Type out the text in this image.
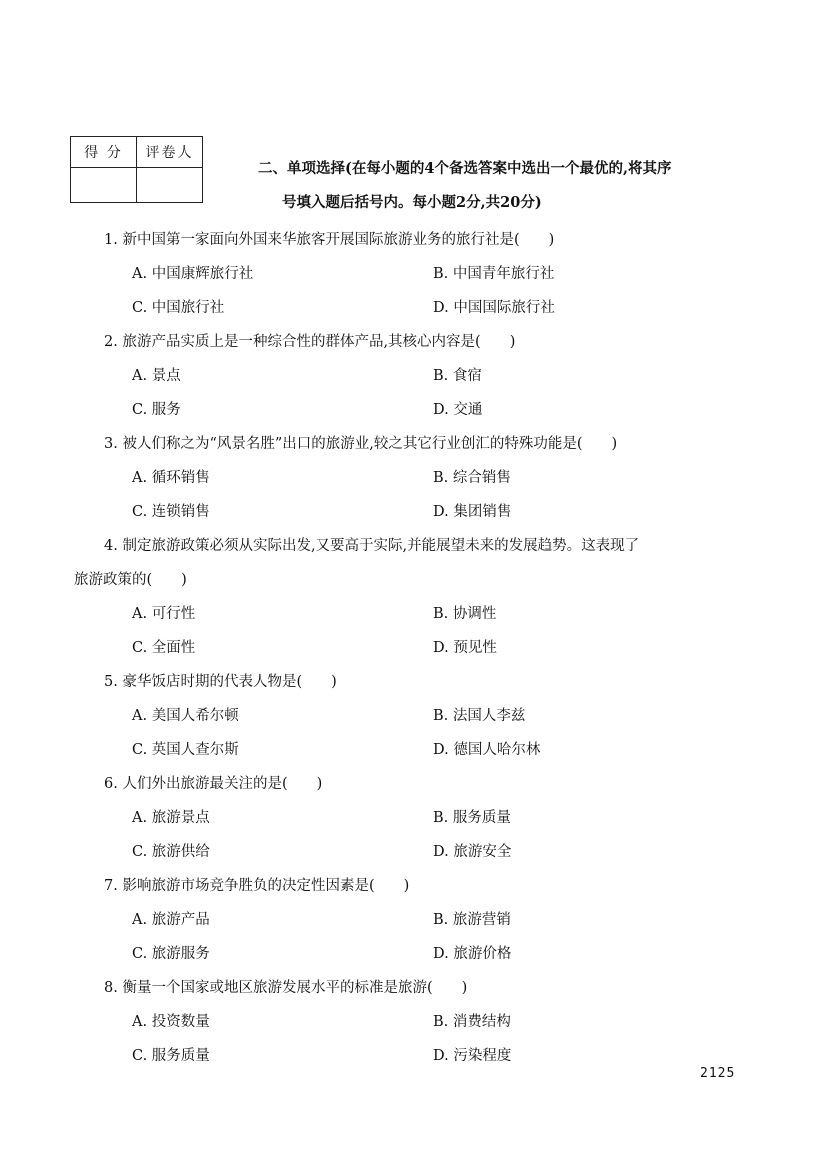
得 分	评卷人

二、单项选择(在每小题的4个备选答案中选出一个最优的,将其序
号填入题后括号内。每小题2分,共20分)
1. 新中国第一家面向外国来华旅客开展国际旅游业务的旅行社是(　　)
A. 中国康辉旅行社	B. 中国青年旅行社
C. 中国旅行社	D. 中国国际旅行社
2. 旅游产品实质上是一种综合性的群体产品,其核心内容是(　　)
A. 景点	B. 食宿
C. 服务	D. 交通
3. 被人们称之为“风景名胜”出口的旅游业,较之其它行业创汇的特殊功能是(　　)
A. 循环销售	B. 综合销售
C. 连锁销售	D. 集团销售
4. 制定旅游政策必须从实际出发,又要高于实际,并能展望未来的发展趋势。这表现了
旅游政策的(　　)
A. 可行性	B. 协调性
C. 全面性	D. 预见性
5. 豪华饭店时期的代表人物是(　　)
A. 美国人希尔顿	B. 法国人李兹
C. 英国人查尔斯	D. 德国人哈尔林
6. 人们外出旅游最关注的是(　　)
A. 旅游景点	B. 服务质量
C. 旅游供给	D. 旅游安全
7. 影响旅游市场竞争胜负的决定性因素是(　　)
A. 旅游产品	B. 旅游营销
C. 旅游服务	D. 旅游价格
8. 衡量一个国家或地区旅游发展水平的标准是旅游(　　)
A. 投资数量	B. 消费结构
C. 服务质量	D. 污染程度
2125
